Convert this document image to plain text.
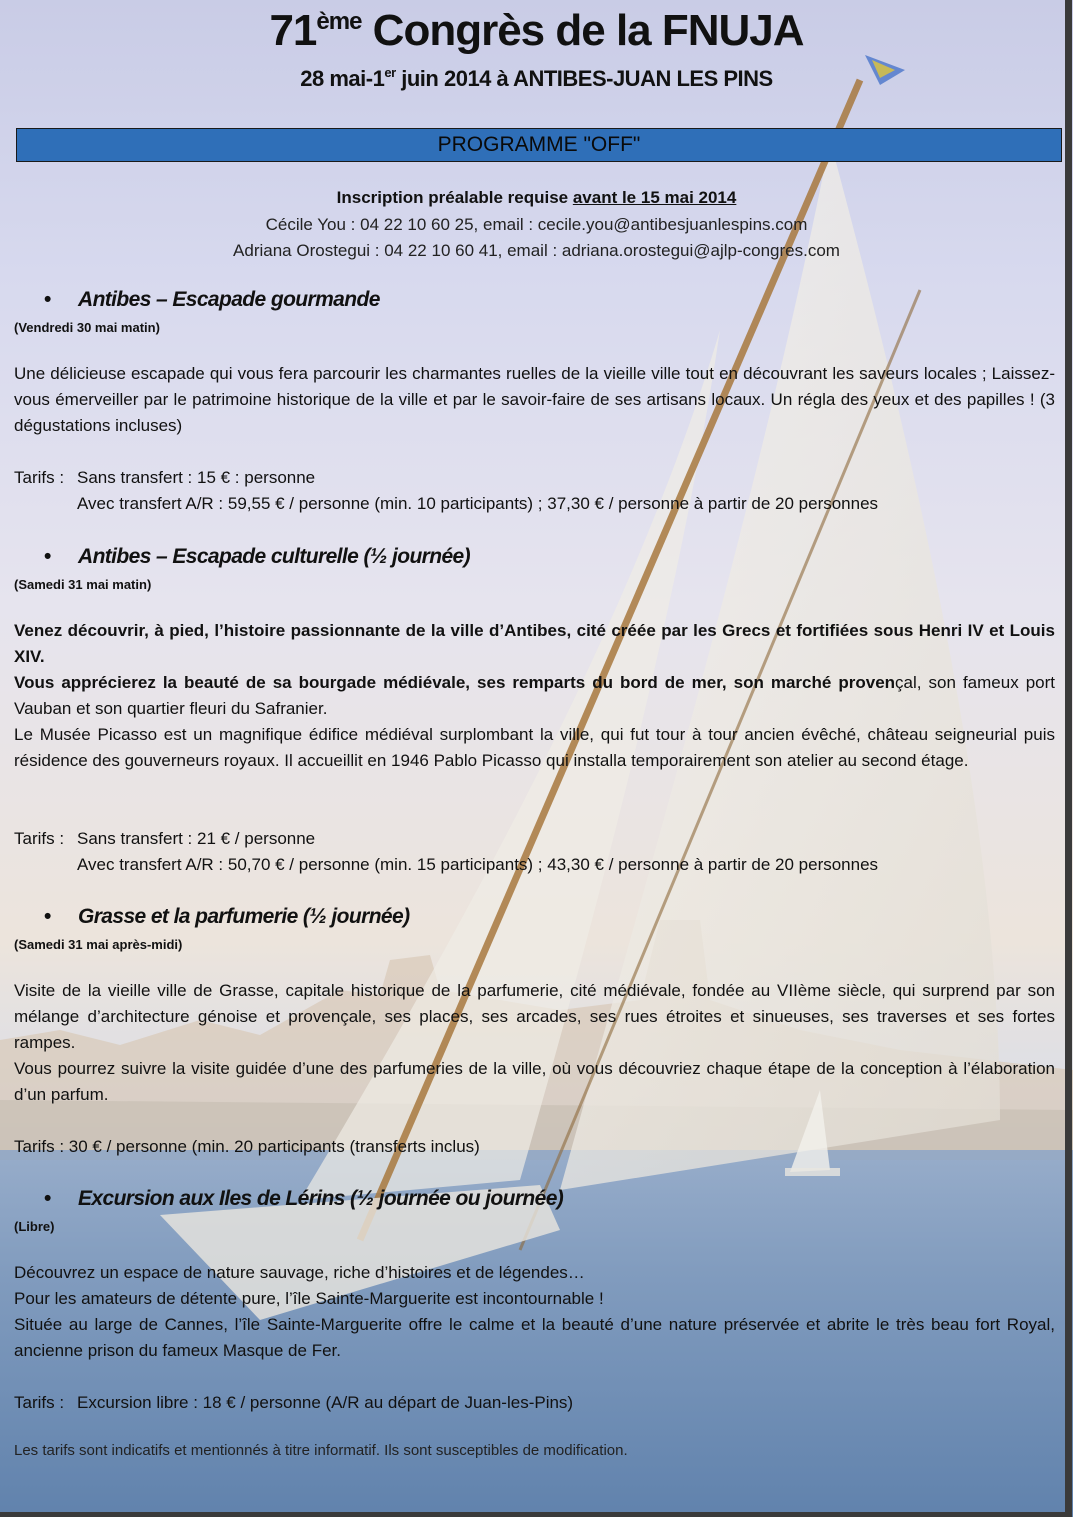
71ème Congrès de la FNUJA
28 mai-1er juin 2014 à ANTIBES-JUAN LES PINS
PROGRAMME "OFF"
Inscription préalable requise avant le 15 mai 2014
Cécile You : 04 22 10 60 25, email : cecile.you@antibesjuanlespins.com
Adriana Orostegui : 04 22 10 60 41, email : adriana.orostegui@ajlp-congres.com
• Antibes – Escapade gourmande
(Vendredi 30 mai matin)

Une délicieuse escapade qui vous fera parcourir les charmantes ruelles de la vieille ville tout en découvrant les saveurs locales ; Laissez-vous émerveiller par le patrimoine historique de la ville et par le savoir-faire de ses artisans locaux. Un régla des yeux et des papilles ! (3 dégustations incluses)

Tarifs : Sans transfert : 15 € : personne
Avec transfert A/R : 59,55 € / personne (min. 10 participants) ; 37,30 € / personne à partir de 20 personnes
• Antibes – Escapade culturelle (½ journée)
(Samedi 31 mai matin)

Venez découvrir, à pied, l’histoire passionnante de la ville d’Antibes, cité créée par les Grecs et fortifiées sous Henri IV et Louis XIV.

Vous apprécierez la beauté de sa bourgade médiévale, ses remparts du bord de mer, son marché provençal, son fameux port Vauban et son quartier fleuri du Safranier.

Le Musée Picasso est un magnifique édifice médiéval surplombant la ville, qui fut tour à tour ancien évêché, château seigneurial puis résidence des gouverneurs royaux. Il accueillit en 1946 Pablo Picasso qui installa temporairement son atelier au second étage.

Tarifs : Sans transfert : 21 € / personne
Avec transfert A/R : 50,70 € / personne (min. 15 participants) ; 43,30 € / personne à partir de 20 personnes
• Grasse et la parfumerie (½ journée)
(Samedi 31 mai après-midi)

Visite de la vieille ville de Grasse, capitale historique de la parfumerie, cité médiévale, fondée au VIIème siècle, qui surprend par son mélange d’architecture génoise et provençale, ses places, ses arcades, ses rues étroites et sinueuses, ses traverses et ses fortes rampes.

Vous pourrez suivre la visite guidée d’une des parfumeries de la ville, où vous découvriez chaque étape de la conception à l’élaboration d’un parfum.

Tarifs : 30 € / personne (min. 20 participants (transferts inclus)
• Excursion aux Iles de Lérins (½ journée ou journée)
(Libre)

Découvrez un espace de nature sauvage, riche d’histoires et de légendes…

Pour les amateurs de détente pure, l’île Sainte-Marguerite est incontournable !

Située au large de Cannes, l’île Sainte-Marguerite offre le calme et la beauté d’une nature préservée et abrite le très beau fort Royal, ancienne prison du fameux Masque de Fer.

Tarifs : Excursion libre : 18 € / personne (A/R au départ de Juan-les-Pins)
Les tarifs sont indicatifs et mentionnés à titre informatif. Ils sont susceptibles de modification.
